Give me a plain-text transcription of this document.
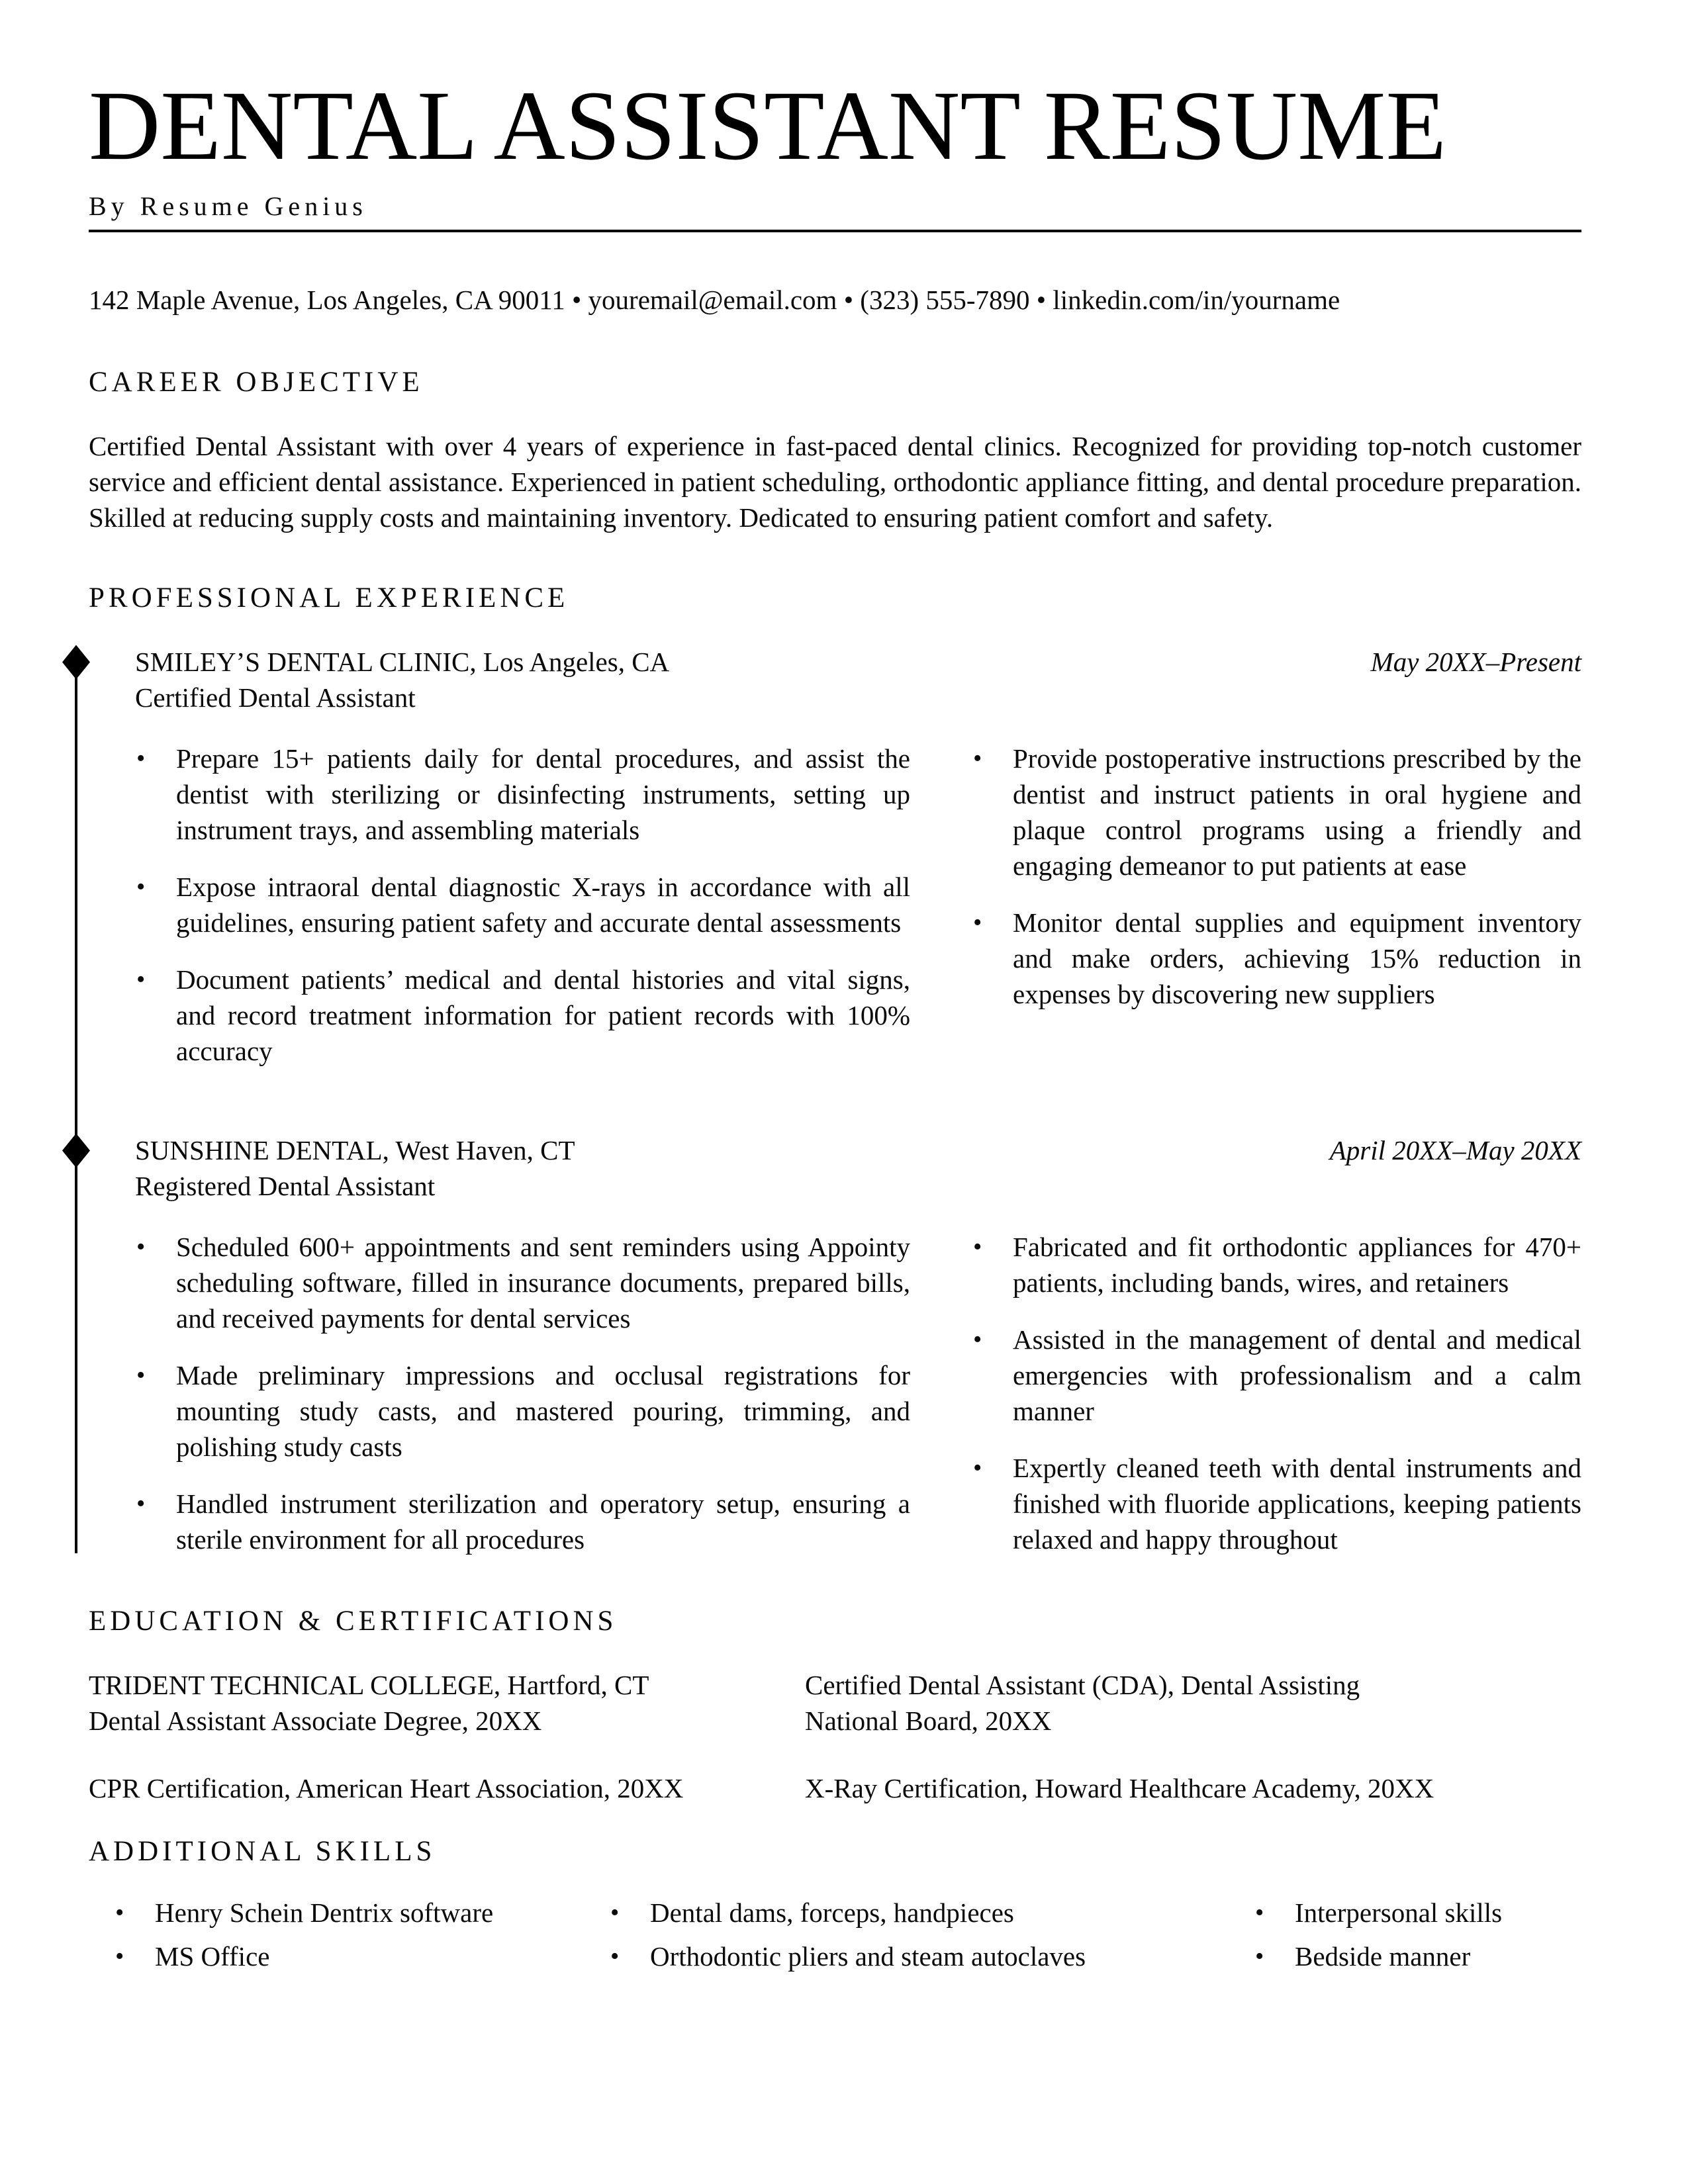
DENTAL ASSISTANT RESUME
By Resume Genius
142 Maple Avenue, Los Angeles, CA 90011 • youremail@email.com • (323) 555-7890 • linkedin.com/in/yourname
CAREER OBJECTIVE

Certified Dental Assistant with over 4 years of experience in fast-paced dental clinics. Recognized for providing top-notch customer service and efficient dental assistance. Experienced in patient scheduling, orthodontic appliance fitting, and dental procedure preparation. Skilled at reducing supply costs and maintaining inventory. Dedicated to ensuring patient comfort and safety.

PROFESSIONAL EXPERIENCE
SMILEY’S DENTAL CLINIC, Los Angeles, CA
Certified Dental Assistant
May 20XX–Present
• Prepare 15+ patients daily for dental procedures, and assist the dentist with sterilizing or disinfecting instruments, setting up instrument trays, and assembling materials
• Expose intraoral dental diagnostic X-rays in accordance with all guidelines, ensuring patient safety and accurate dental assessments
• Document patients’ medical and dental histories and vital signs, and record treatment information for patient records with 100% accuracy
• Provide postoperative instructions prescribed by the dentist and instruct patients in oral hygiene and plaque control programs using a friendly and engaging demeanor to put patients at ease
• Monitor dental supplies and equipment inventory and make orders, achieving 15% reduction in expenses by discovering new suppliers
SUNSHINE DENTAL, West Haven, CT
Registered Dental Assistant
April 20XX–May 20XX
• Scheduled 600+ appointments and sent reminders using Appointy scheduling software, filled in insurance documents, prepared bills, and received payments for dental services
• Made preliminary impressions and occlusal registrations for mounting study casts, and mastered pouring, trimming, and polishing study casts
• Handled instrument sterilization and operatory setup, ensuring a sterile environment for all procedures
• Fabricated and fit orthodontic appliances for 470+ patients, including bands, wires, and retainers
• Assisted in the management of dental and medical emergencies with professionalism and a calm manner
• Expertly cleaned teeth with dental instruments and finished with fluoride applications, keeping patients relaxed and happy throughout
EDUCATION & CERTIFICATIONS
TRIDENT TECHNICAL COLLEGE, Hartford, CT
Dental Assistant Associate Degree, 20XX
Certified Dental Assistant (CDA), Dental Assisting
National Board, 20XX
CPR Certification, American Heart Association, 20XX	X-Ray Certification, Howard Healthcare Academy, 20XX
ADDITIONAL SKILLS
• Henry Schein Dentrix software
• MS Office
• Dental dams, forceps, handpieces
• Orthodontic pliers and steam autoclaves
• Interpersonal skills
• Bedside manner
